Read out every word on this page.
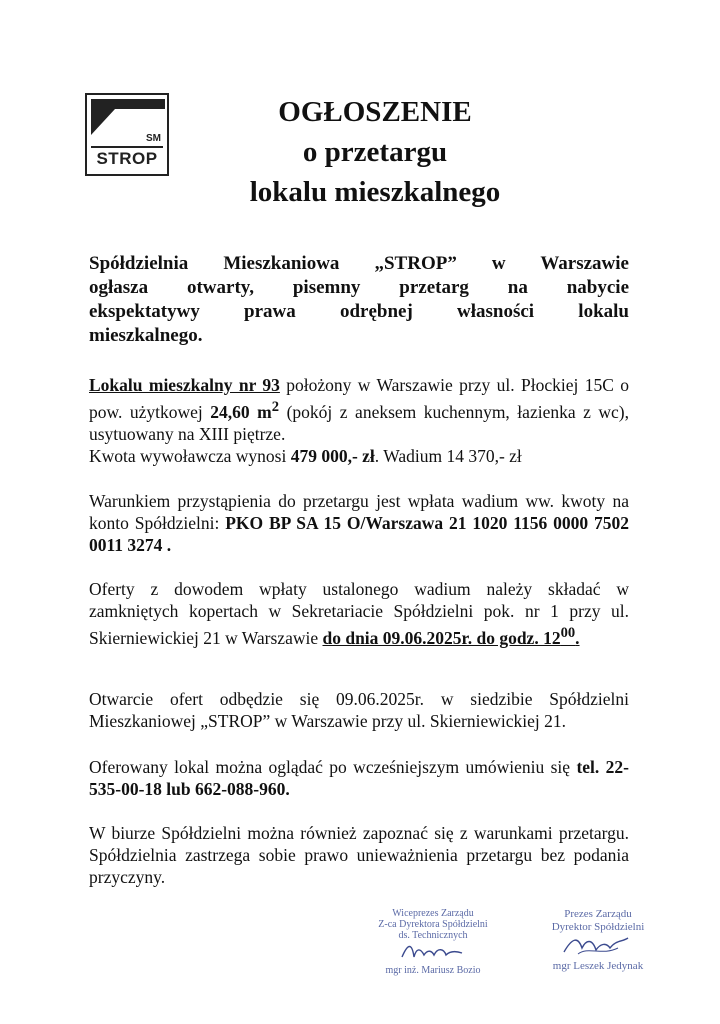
SM
STROP
OGŁOSZENIE
o przetargu
lokalu mieszkalnego
Spółdzielnia Mieszkaniowa „STROP” w Warszawie
ogłasza otwarty, pisemny przetarg na nabycie
ekspektatywy prawa odrębnej własności lokalu
mieszkalnego.

Lokalu mieszkalny nr 93 położony w Warszawie przy ul. Płockiej 15C o pow. użytkowej 24,60 $m^2$ (pokój z aneksem kuchennym, łazienka z wc), usytuowany na XIII piętrze.
Kwota wywoławcza wynosi 479 000,- zł. Wadium 14 370,- zł

Warunkiem przystąpienia do przetargu jest wpłata wadium ww. kwoty na konto Spółdzielni: PKO BP SA 15 O/Warszawa 21 1020 1156 0000 7502 0011 3274 .

Oferty z dowodem wpłaty ustalonego wadium należy składać w zamkniętych kopertach w Sekretariacie Spółdzielni pok. nr 1 przy ul. Skierniewickiej 21 w Warszawie do dnia 09.06.2025r. do godz. $12^{00}$.

Otwarcie ofert odbędzie się 09.06.2025r. w siedzibie Spółdzielni Mieszkaniowej „STROP” w Warszawie przy ul. Skierniewickiej 21.

Oferowany lokal można oglądać po wcześniejszym umówieniu się tel. 22-535-00-18 lub 662-088-960.

W biurze Spółdzielni można również zapoznać się z warunkami przetargu. Spółdzielnia zastrzega sobie prawo unieważnienia przetargu bez podania przyczyny.

Wiceprezes Zarządu
Z-ca Dyrektora Spółdzielni
ds. Technicznych
mgr inż. Mariusz Bozio
Prezes Zarządu
Dyrektor Spółdzielni
mgr Leszek Jedynak
